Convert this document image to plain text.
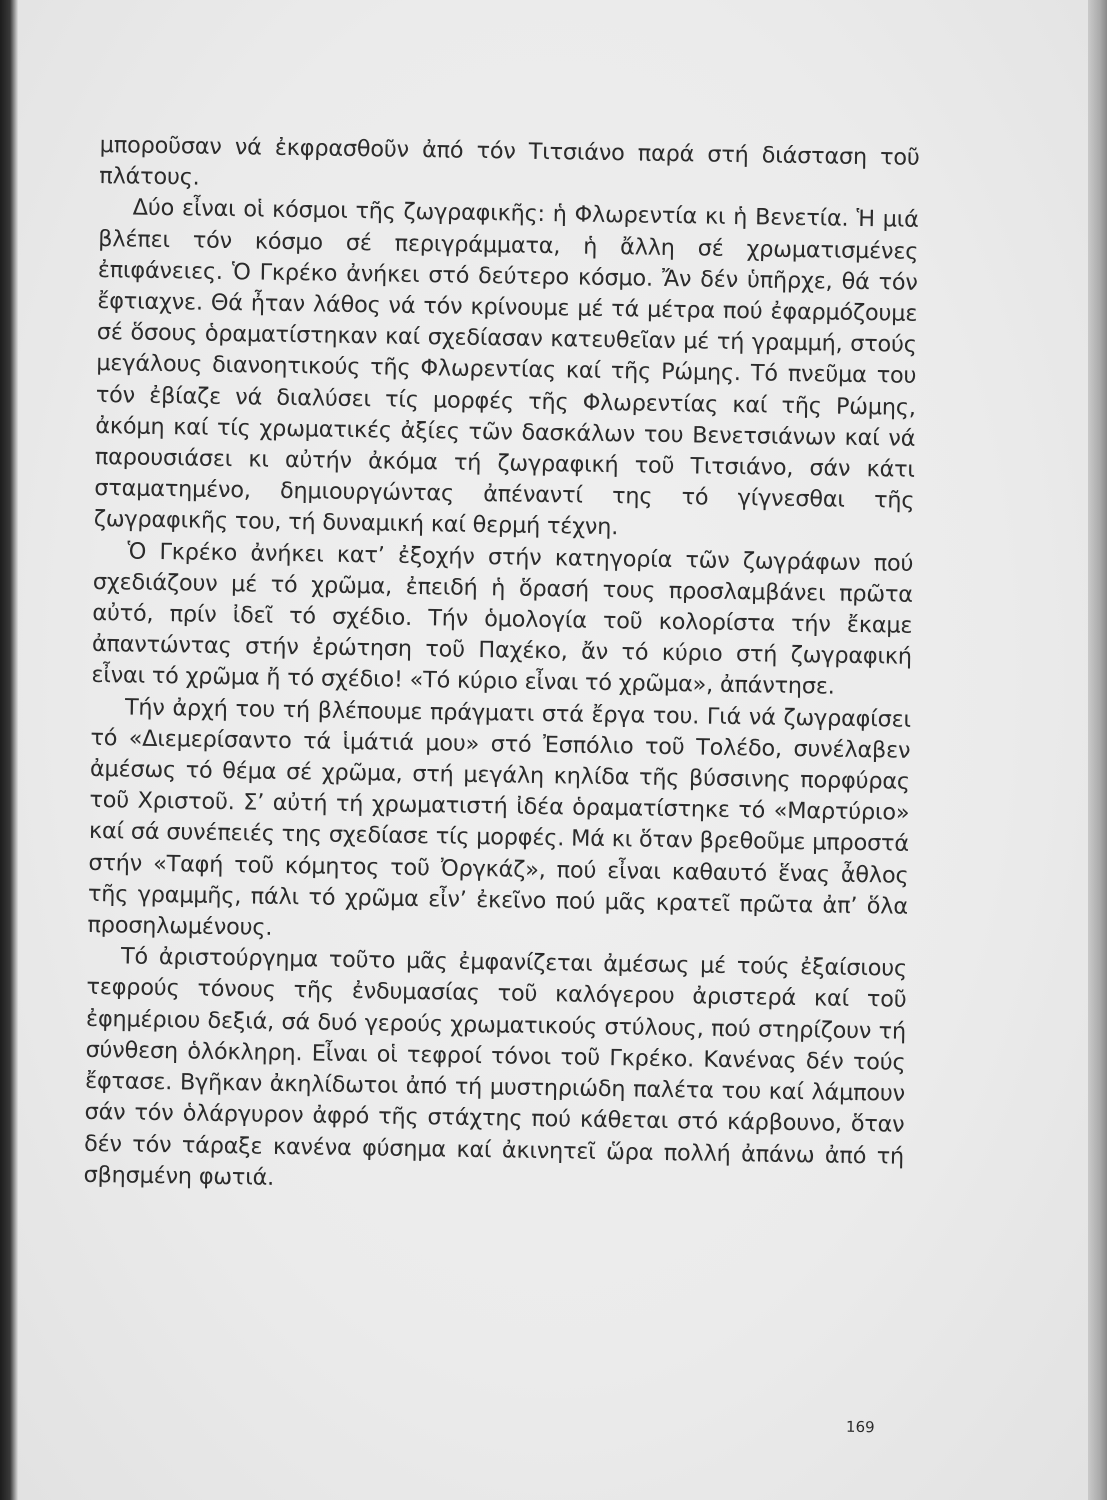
μποροῦσαν νά ἐκφρασθοῦν ἀπό τόν Τιτσιάνο παρά στή διάσταση τοῦ πλάτους.

Δύο εἶναι οἱ κόσμοι τῆς ζωγραφικῆς: ἡ Φλωρεντία κι ἡ Βενετία. Ἡ μιά βλέπει τόν κόσμο σέ περιγράμματα, ἡ ἄλλη σέ χρωματισμένες ἐπιφάνειες. Ὁ Γκρέκο ἀνήκει στό δεύτερο κόσμο. Ἄν δέν ὑπῆρχε, θά τόν ἔφτιαχνε. Θά ἦταν λάθος νά τόν κρίνουμε μέ τά μέτρα πού ἐφαρμόζουμε σέ ὅσους ὁραματίστηκαν καί σχεδίασαν κατευθεῖαν μέ τή γραμμή, στούς μεγάλους διανοητικούς τῆς Φλωρεντίας καί τῆς Ρώμης. Τό πνεῦμα του τόν ἐβίαζε νά διαλύσει τίς μορφές τῆς Φλωρεντίας καί τῆς Ρώμης, ἀκόμη καί τίς χρωματικές ἀξίες τῶν δασκάλων του Βενετσιάνων καί νά παρουσιάσει κι αὐτήν ἀκόμα τή ζωγραφική τοῦ Τιτσιάνο, σάν κάτι σταματημένο, δημιουργώντας ἀπέναντί της τό γίγνεσθαι τῆς ζωγραφικῆς του, τή δυναμική καί θερμή τέχνη.

Ὁ Γκρέκο ἀνήκει κατ’ ἐξοχήν στήν κατηγορία τῶν ζωγράφων πού σχεδιάζουν μέ τό χρῶμα, ἐπειδή ἡ ὅρασή τους προσλαμβάνει πρῶτα αὐτό, πρίν ἰδεῖ τό σχέδιο. Τήν ὁμολογία τοῦ κολορίστα τήν ἔκαμε ἀπαντώντας στήν ἐρώτηση τοῦ Παχέκο, ἄν τό κύριο στή ζωγραφική εἶναι τό χρῶμα ἤ τό σχέδιο! «Τό κύριο εἶναι τό χρῶμα», ἀπάντησε.

Τήν ἀρχή του τή βλέπουμε πράγματι στά ἔργα του. Γιά νά ζωγραφίσει τό «Διεμερίσαντο τά ἱμάτιά μου» στό Ἐσπόλιο τοῦ Τολέδο, συνέλαβεν ἀμέσως τό θέμα σέ χρῶμα, στή μεγάλη κηλίδα τῆς βύσσινης πορφύρας τοῦ Χριστοῦ. Σ’ αὐτή τή χρωματιστή ἰδέα ὁραματίστηκε τό «Μαρτύριο» καί σά συνέπειές της σχεδίασε τίς μορφές. Μά κι ὅταν βρεθοῦμε μπροστά στήν «Ταφή τοῦ κόμητος τοῦ Ὀργκάζ», πού εἶναι καθαυτό ἕνας ἆθλος τῆς γραμμῆς, πάλι τό χρῶμα εἶν’ ἐκεῖνο πού μᾶς κρατεῖ πρῶτα ἀπ’ ὅλα προσηλωμένους.

Τό ἀριστούργημα τοῦτο μᾶς ἐμφανίζεται ἀμέσως μέ τούς ἐξαίσιους τεφρούς τόνους τῆς ἐνδυμασίας τοῦ καλόγερου ἀριστερά καί τοῦ ἐφημέριου δεξιά, σά δυό γερούς χρωματικούς στύλους, πού στηρίζουν τή σύνθεση ὁλόκληρη. Εἶναι οἱ τεφροί τόνοι τοῦ Γκρέκο. Κανένας δέν τούς ἔφτασε. Βγῆκαν ἀκηλίδωτοι ἀπό τή μυστηριώδη παλέτα του καί λάμπουν σάν τόν ὁλάργυρον ἀφρό τῆς στάχτης πού κάθεται στό κάρβουνο, ὅταν δέν τόν τάραξε κανένα φύσημα καί ἀκινητεῖ ὥρα πολλή ἀπάνω ἀπό τή σβησμένη φωτιά.

169
